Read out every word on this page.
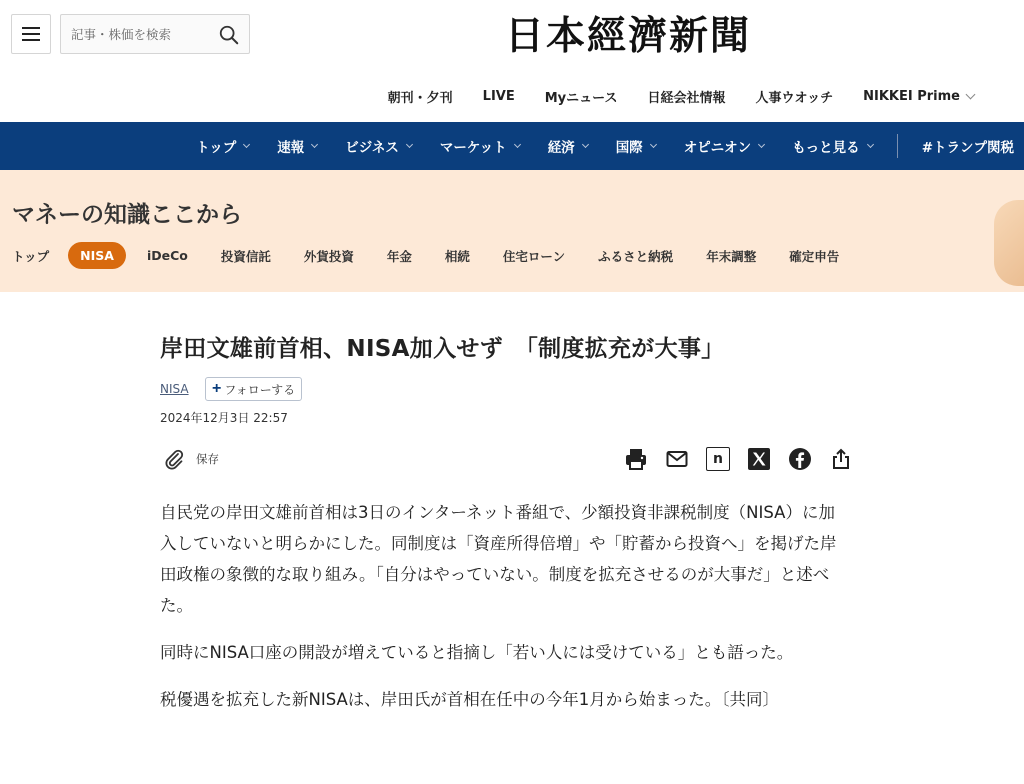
記事・株価を検索
日本經濟新聞
朝刊・夕刊 LIVE Myニュース 日経会社情報 人事ウオッチ NIKKEI Prime
トップ	速報	ビジネス	マーケット	経済	国際	オピニオン	もっと見る	#トランプ関税
マネーの知識ここから
トップ	NISA	iDeCo	投資信託	外貨投資	年金	相続	住宅ローン	ふるさと納税	年末調整	確定申告
岸田文雄前首相、NISA加入せず　「制度拡充が大事」
NISA + フォローする
2024年12月3日 22:57
保存	n

自民党の岸田文雄前首相は3日のインターネット番組で、少額投資非課税制度（NISA）に加入していないと明らかにした。同制度は「資産所得倍増」や「貯蓄から投資へ」を掲げた岸田政権の象徴的な取り組み。「自分はやっていない。制度を拡充させるのが大事だ」と述べた。

同時にNISA口座の開設が増えていると指摘し「若い人には受けている」とも語った。

税優遇を拡充した新NISAは、岸田氏が首相在任中の今年1月から始まった。〔共同〕
